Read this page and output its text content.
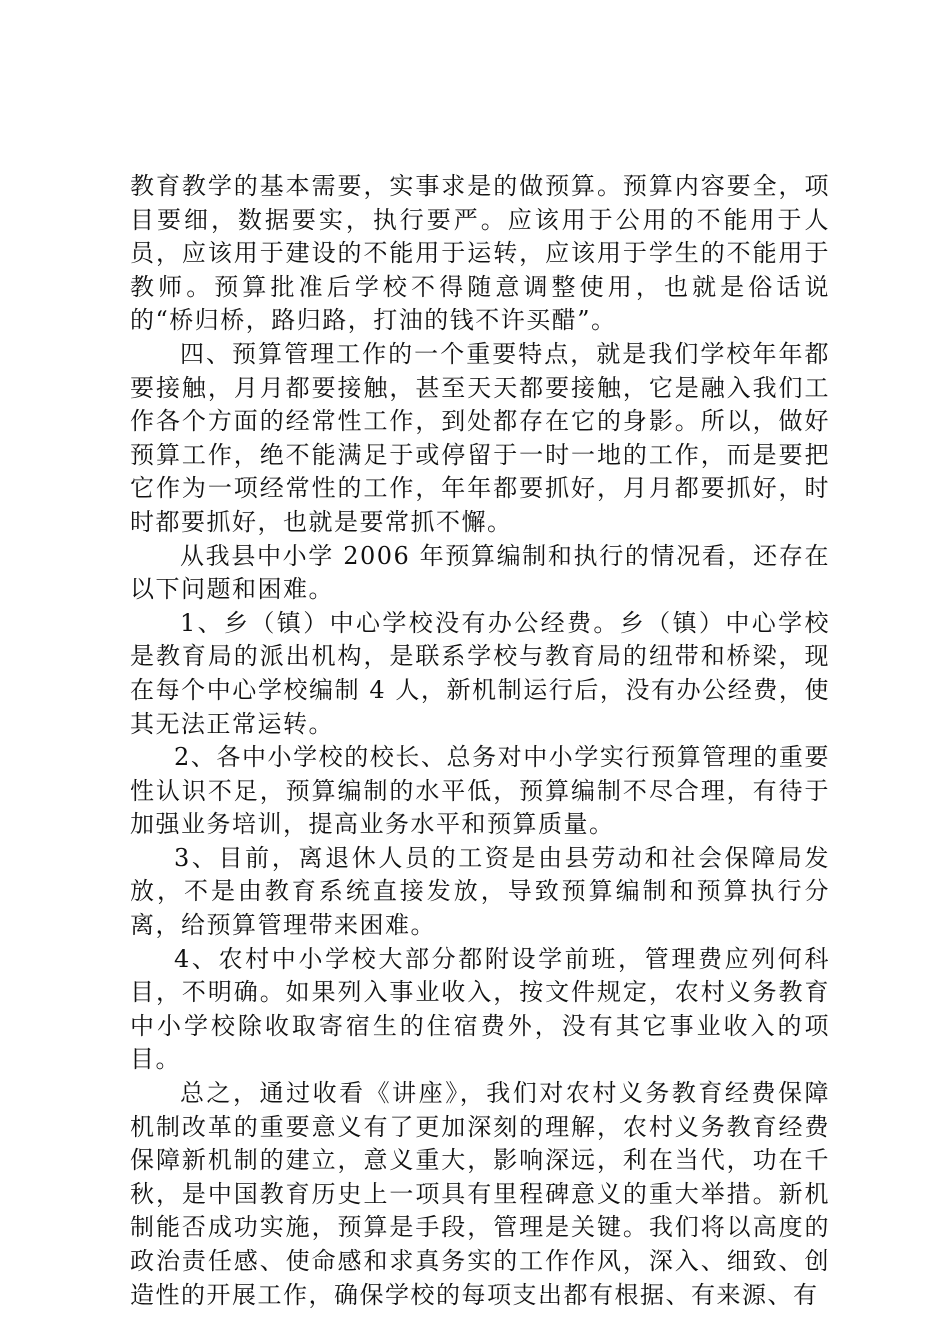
教育教学的基本需要，实事求是的做预算。预算内容要全，项目要细，数据要实，执行要严。应该用于公用的不能用于人员，应该用于建设的不能用于运转，应该用于学生的不能用于教师。预算批准后学校不得随意调整使用，也就是俗话说的“桥归桥，路归路，打油的钱不许买醋”。

四、预算管理工作的一个重要特点，就是我们学校年年都要接触，月月都要接触，甚至天天都要接触，它是融入我们工作各个方面的经常性工作，到处都存在它的身影。所以，做好预算工作，绝不能满足于或停留于一时一地的工作，而是要把它作为一项经常性的工作，年年都要抓好，月月都要抓好，时时都要抓好，也就是要常抓不懈。

从我县中小学 2006 年预算编制和执行的情况看，还存在以下问题和困难。

1、乡（镇）中心学校没有办公经费。乡（镇）中心学校是教育局的派出机构，是联系学校与教育局的纽带和桥梁，现在每个中心学校编制 4 人，新机制运行后，没有办公经费，使其无法正常运转。

2、各中小学校的校长、总务对中小学实行预算管理的重要性认识不足，预算编制的水平低，预算编制不尽合理，有待于加强业务培训，提高业务水平和预算质量。

3、目前，离退休人员的工资是由县劳动和社会保障局发放，不是由教育系统直接发放，导致预算编制和预算执行分离，给预算管理带来困难。

4、农村中小学校大部分都附设学前班，管理费应列何科目，不明确。如果列入事业收入，按文件规定，农村义务教育中小学校除收取寄宿生的住宿费外，没有其它事业收入的项目。

总之，通过收看《讲座》，我们对农村义务教育经费保障机制改革的重要意义有了更加深刻的理解，农村义务教育经费保障新机制的建立，意义重大，影响深远，利在当代，功在千秋，是中国教育历史上一项具有里程碑意义的重大举措。新机制能否成功实施，预算是手段，管理是关键。我们将以高度的政治责任感、使命感和求真务实的工作作风，深入、细致、创造性的开展工作，确保学校的每项支出都有根据、有来源、有
